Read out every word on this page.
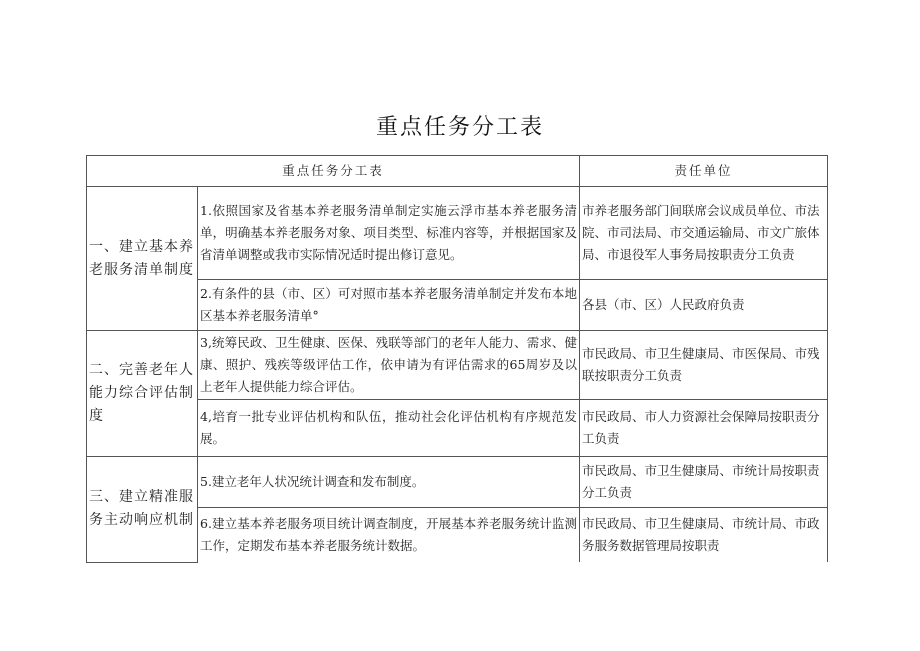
重点任务分工表
重点任务分工表		责任单位
一、建立基本养老服务清单制度	1.依照国家及省基本养老服务清单制定实施云浮市基本养老服务清单，明确基本养老服务对象、项目类型、标准内容等，并根据国家及省清单调整或我市实际情况适时提出修订意见。	市养老服务部门间联席会议成员单位、市法院、市司法局、市交通运输局、市文广旅体局、市退役军人事务局按职责分工负责
	2.有条件的县（市、区）可对照市基本养老服务清单制定并发布本地区基本养老服务清单°	各县（市、区）人民政府负责
二、完善老年人能力综合评估制度	3,统筹民政、卫生健康、医保、残联等部门的老年人能力、需求、健康、照护、残疾等级评估工作，依申请为有评估需求的65周岁及以上老年人提供能力综合评估。	市民政局、市卫生健康局、市医保局、市残联按职责分工负责
	4,培育一批专业评估机构和队伍，推动社会化评估机构有序规范发展。	市民政局、市人力资源社会保障局按职责分工负责
三、建立精准服务主动响应机制	5.建立老年人状况统计调查和发布制度。	市民政局、市卫生健康局、市统计局按职责分工负责
	6.建立基本养老服务项目统计调查制度，开展基本养老服务统计监测工作，定期发布基本养老服务统计数据。	市民政局、市卫生健康局、市统计局、市政务服务数据管理局按职责
